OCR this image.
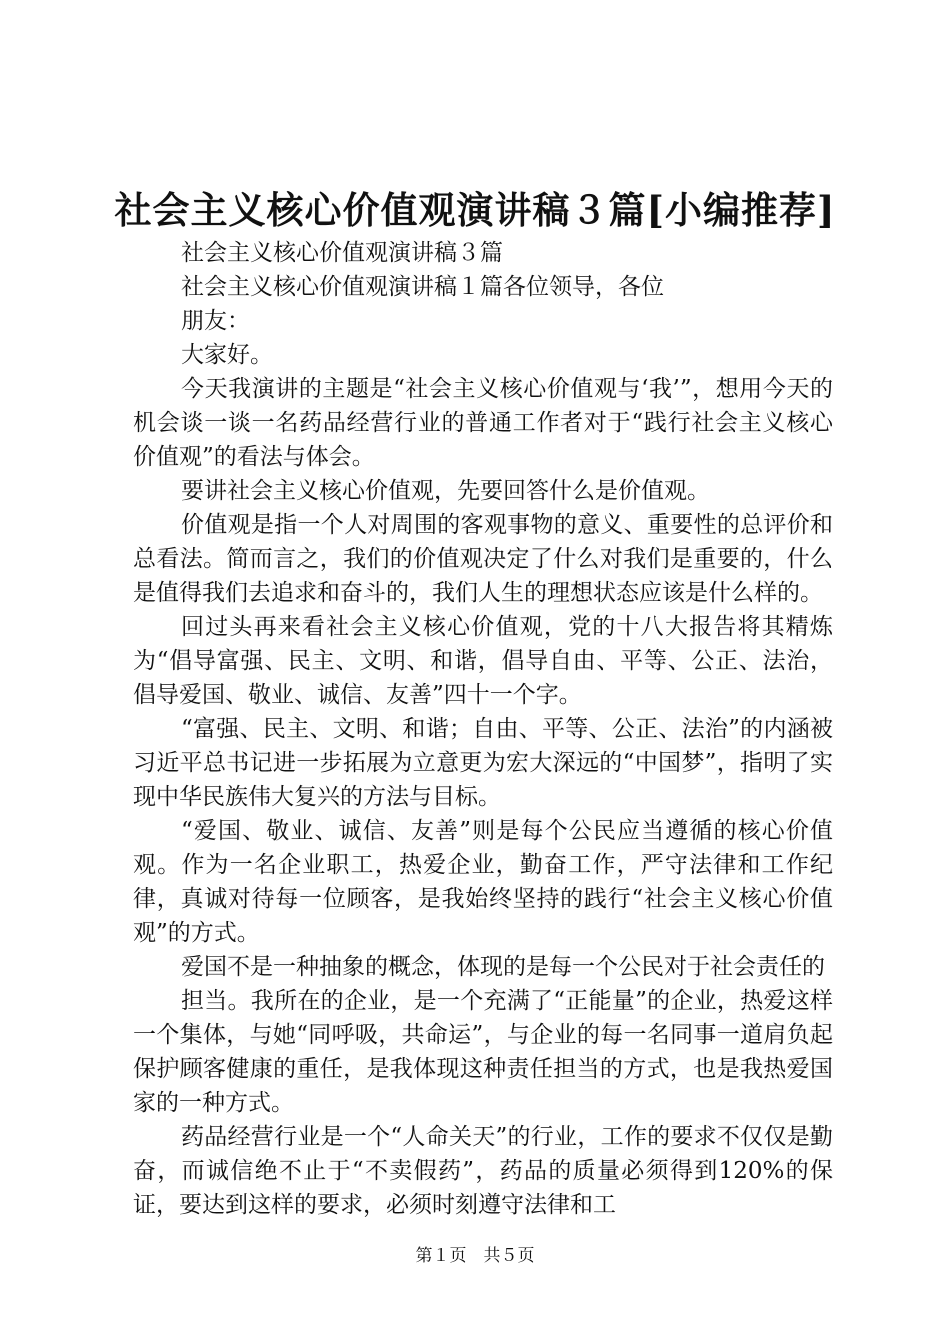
社会主义核心价值观演讲稿３篇[小编推荐]

社会主义核心价值观演讲稿３篇

社会主义核心价值观演讲稿１篇各位领导，各位

朋友：

大家好。

今天我演讲的主题是“社会主义核心价值观与‘我’”，想用今天的机会谈一谈一名药品经营行业的普通工作者对于“践行社会主义核心价值观”的看法与体会。

要讲社会主义核心价值观，先要回答什么是价值观。

价值观是指一个人对周围的客观事物的意义、重要性的总评价和总看法。简而言之，我们的价值观决定了什么对我们是重要的，什么是值得我们去追求和奋斗的，我们人生的理想状态应该是什么样的。

回过头再来看社会主义核心价值观，党的十八大报告将其精炼为“倡导富强、民主、文明、和谐，倡导自由、平等、公正、法治，倡导爱国、敬业、诚信、友善”四十一个字。

“富强、民主、文明、和谐；自由、平等、公正、法治”的内涵被习近平总书记进一步拓展为立意更为宏大深远的“中国梦”，指明了实现中华民族伟大复兴的方法与目标。

“爱国、敬业、诚信、友善”则是每个公民应当遵循的核心价值观。作为一名企业职工，热爱企业，勤奋工作，严守法律和工作纪律，真诚对待每一位顾客，是我始终坚持的践行“社会主义核心价值观”的方式。

爱国不是一种抽象的概念，体现的是每一个公民对于社会责任的

担当。我所在的企业，是一个充满了“正能量”的企业，热爱这样一个集体，与她“同呼吸，共命运”，与企业的每一名同事一道肩负起保护顾客健康的重任，是我体现这种责任担当的方式，也是我热爱国家的一种方式。

药品经营行业是一个“人命关天”的行业，工作的要求不仅仅是勤奋，而诚信绝不止于“不卖假药”，药品的质量必须得到120%的保证，要达到这样的要求，必须时刻遵守法律和工

第１页　共５页
